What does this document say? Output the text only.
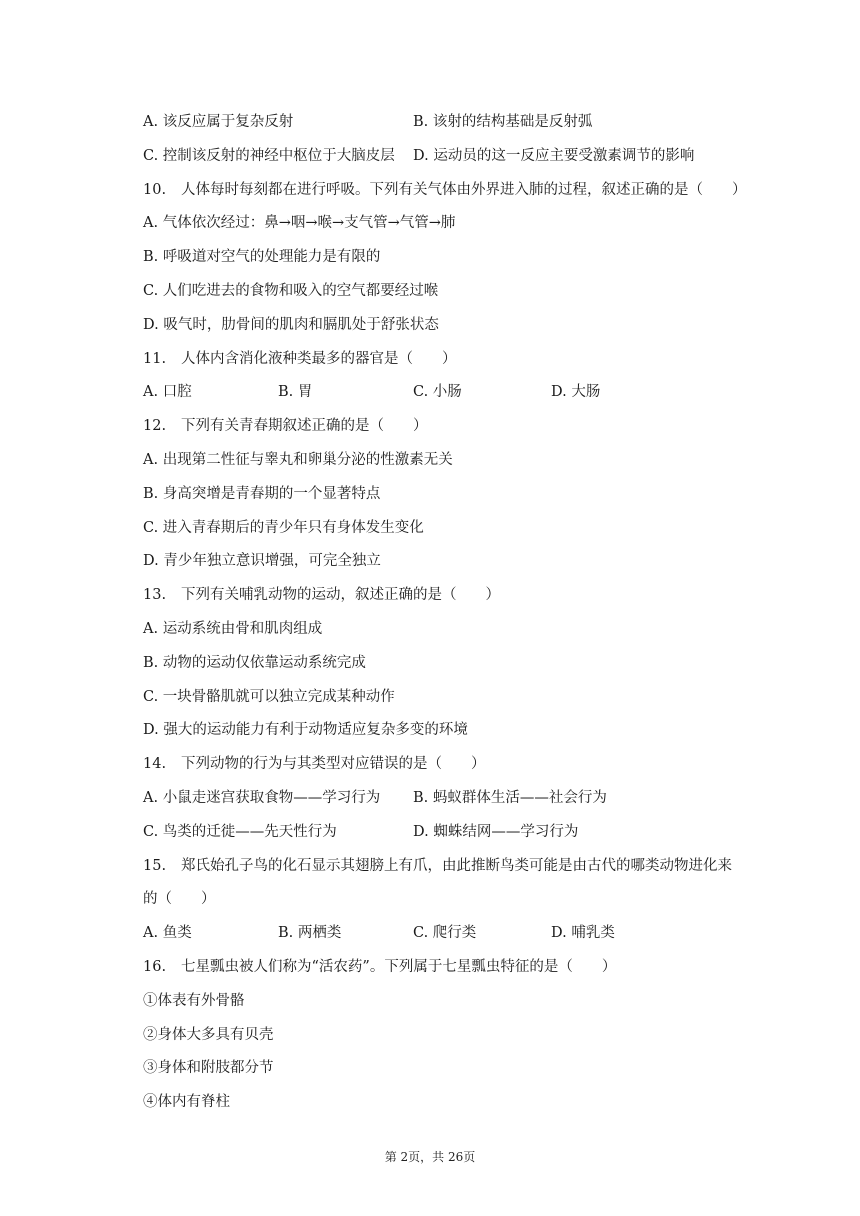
A. 该反应属于复杂反射	B. 该射的结构基础是反射弧
C. 控制该反射的神经中枢位于大脑皮层 D. 运动员的这一反应主要受激素调节的影响
10. 人体每时每刻都在进行呼吸。下列有关气体由外界进入肺的过程，叙述正确的是（　　）
A. 气体依次经过：鼻→咽→喉→支气管→气管→肺
B. 呼吸道对空气的处理能力是有限的
C. 人们吃进去的食物和吸入的空气都要经过喉
D. 吸气时，肋骨间的肌肉和膈肌处于舒张状态
11. 人体内含消化液种类最多的器官是（　　）
A. 口腔	B. 胃	C. 小肠	D. 大肠
12. 下列有关青春期叙述正确的是（　　）
A. 出现第二性征与睾丸和卵巢分泌的性激素无关
B. 身高突增是青春期的一个显著特点
C. 进入青春期后的青少年只有身体发生变化
D. 青少年独立意识增强，可完全独立
13. 下列有关哺乳动物的运动，叙述正确的是（　　）
A. 运动系统由骨和肌肉组成
B. 动物的运动仅依靠运动系统完成
C. 一块骨骼肌就可以独立完成某种动作
D. 强大的运动能力有利于动物适应复杂多变的环境
14. 下列动物的行为与其类型对应错误的是（　　）
A. 小鼠走迷宫获取食物——学习行为 B. 蚂蚁群体生活——社会行为
C. 鸟类的迁徙——先天性行为	D. 蜘蛛结网——学习行为
15. 郑氏始孔子鸟的化石显示其翅膀上有爪，由此推断鸟类可能是由古代的哪类动物进化来
的（　　）
A. 鱼类	B. 两栖类	C. 爬行类	D. 哺乳类
16. 七星瓢虫被人们称为“活农药”。下列属于七星瓢虫特征的是（　　）
①体表有外骨骼
②身体大多具有贝壳
③身体和附肢都分节
④体内有脊柱
第 2页，共 26页
